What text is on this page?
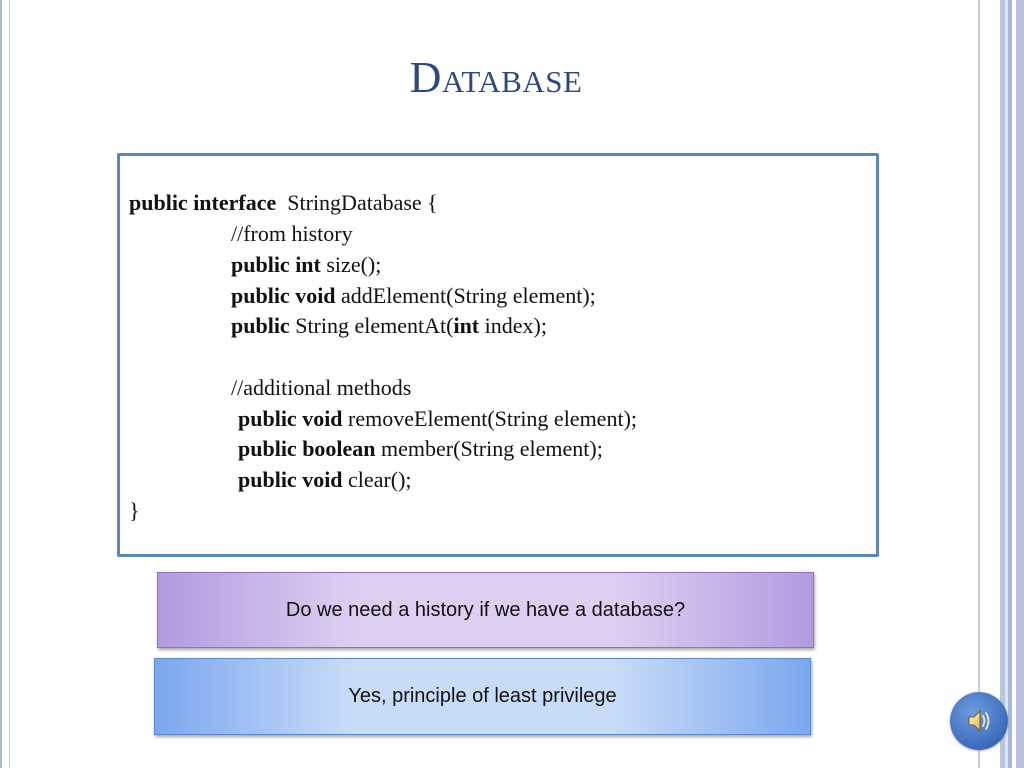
Database
public interface  StringDatabase {
//from history
public int size();
public void addElement(String element);
public String elementAt(int index);
//additional methods
public void removeElement(String element);
public boolean member(String element);
public void clear();
}
Do we need a history if we have a database?
Yes, principle of least privilege
